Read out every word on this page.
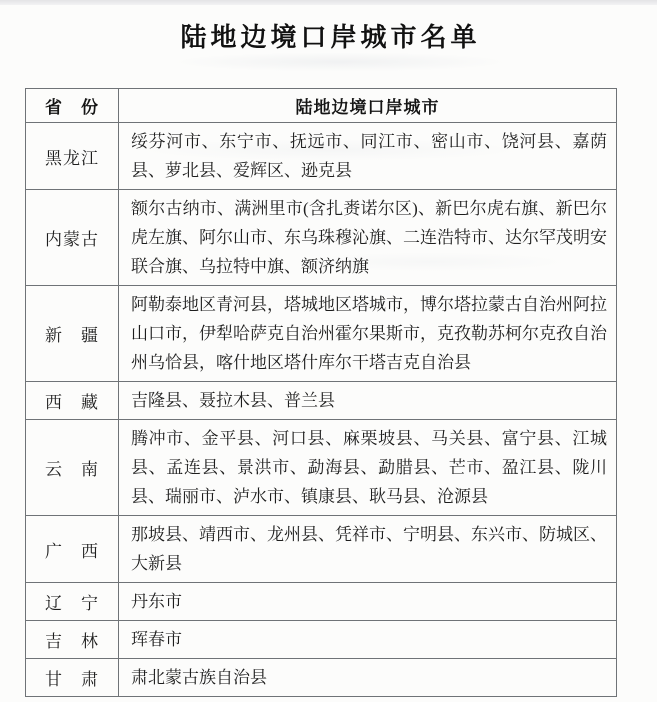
陆地边境口岸城市名单
省　份	陆地边境口岸城市
黑龙江	绥芬河市、东宁市、抚远市、同江市、密山市、饶河县、嘉荫县、萝北县、爱辉区、逊克县
内蒙古	额尔古纳市、满洲里市(含扎赉诺尔区)、新巴尔虎右旗、新巴尔虎左旗、阿尔山市、东乌珠穆沁旗、二连浩特市、达尔罕茂明安联合旗、乌拉特中旗、额济纳旗
新　疆	阿勒泰地区青河县，塔城地区塔城市，博尔塔拉蒙古自治州阿拉山口市，伊犁哈萨克自治州霍尔果斯市，克孜勒苏柯尔克孜自治州乌恰县，喀什地区塔什库尔干塔吉克自治县
西　藏	吉隆县、聂拉木县、普兰县
云　南	腾冲市、金平县、河口县、麻栗坡县、马关县、富宁县、江城县、孟连县、景洪市、勐海县、勐腊县、芒市、盈江县、陇川县、瑞丽市、泸水市、镇康县、耿马县、沧源县
广　西	那坡县、靖西市、龙州县、凭祥市、宁明县、东兴市、防城区、大新县
辽　宁	丹东市
吉　林	珲春市
甘　肃	肃北蒙古族自治县
